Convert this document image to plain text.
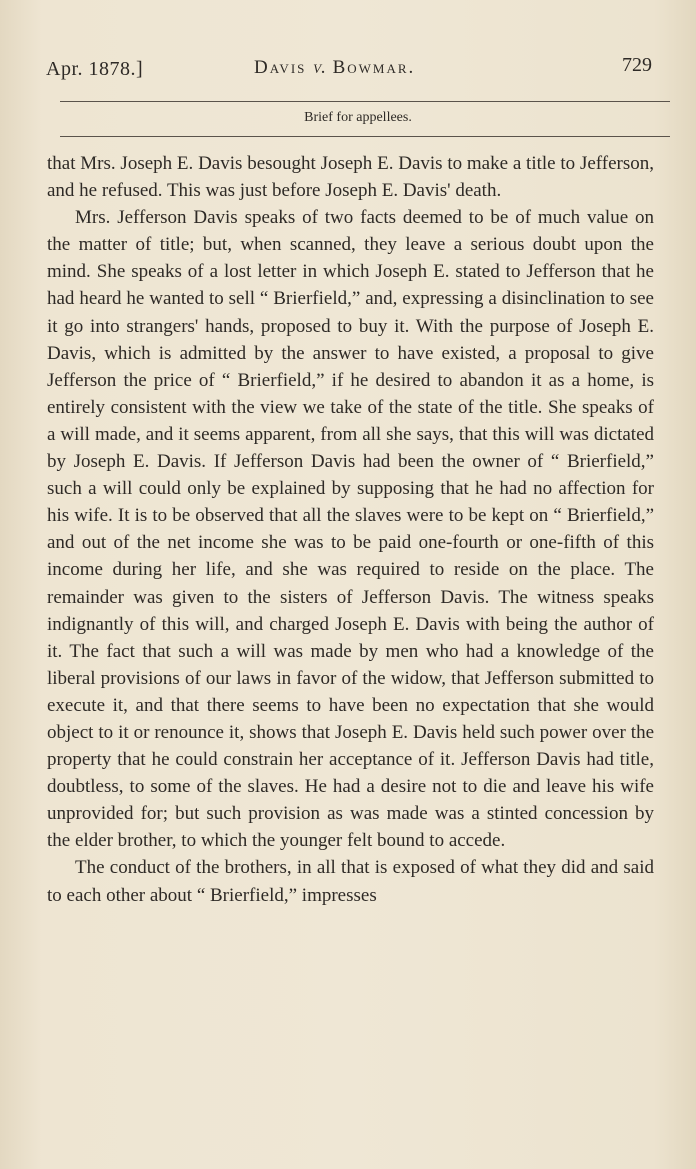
Apr. 1878.]	Davis v. Bowmar.	729
Brief for appellees.

that Mrs. Joseph E. Davis besought Joseph E. Davis to make a title to Jefferson, and he refused. This was just before Joseph E. Davis' death.

Mrs. Jefferson Davis speaks of two facts deemed to be of much value on the matter of title; but, when scanned, they leave a serious doubt upon the mind. She speaks of a lost letter in which Joseph E. stated to Jefferson that he had heard he wanted to sell “ Brierfield,” and, expressing a disinclination to see it go into strangers' hands, proposed to buy it. With the purpose of Joseph E. Davis, which is admitted by the answer to have existed, a proposal to give Jefferson the price of “ Brierfield,” if he desired to abandon it as a home, is entirely consistent with the view we take of the state of the title. She speaks of a will made, and it seems apparent, from all she says, that this will was dictated by Joseph E. Davis. If Jefferson Davis had been the owner of “ Brierfield,” such a will could only be explained by supposing that he had no affection for his wife. It is to be observed that all the slaves were to be kept on “ Brierfield,” and out of the net income she was to be paid one-fourth or one-fifth of this income during her life, and she was required to reside on the place. The remainder was given to the sisters of Jefferson Davis. The witness speaks indignantly of this will, and charged Joseph E. Davis with being the author of it. The fact that such a will was made by men who had a knowledge of the liberal provisions of our laws in favor of the widow, that Jefferson submitted to execute it, and that there seems to have been no expectation that she would object to it or renounce it, shows that Joseph E. Davis held such power over the property that he could constrain her acceptance of it. Jefferson Davis had title, doubtless, to some of the slaves. He had a desire not to die and leave his wife unprovided for; but such provision as was made was a stinted concession by the elder brother, to which the younger felt bound to accede.

The conduct of the brothers, in all that is exposed of what they did and said to each other about “ Brierfield,” impresses
